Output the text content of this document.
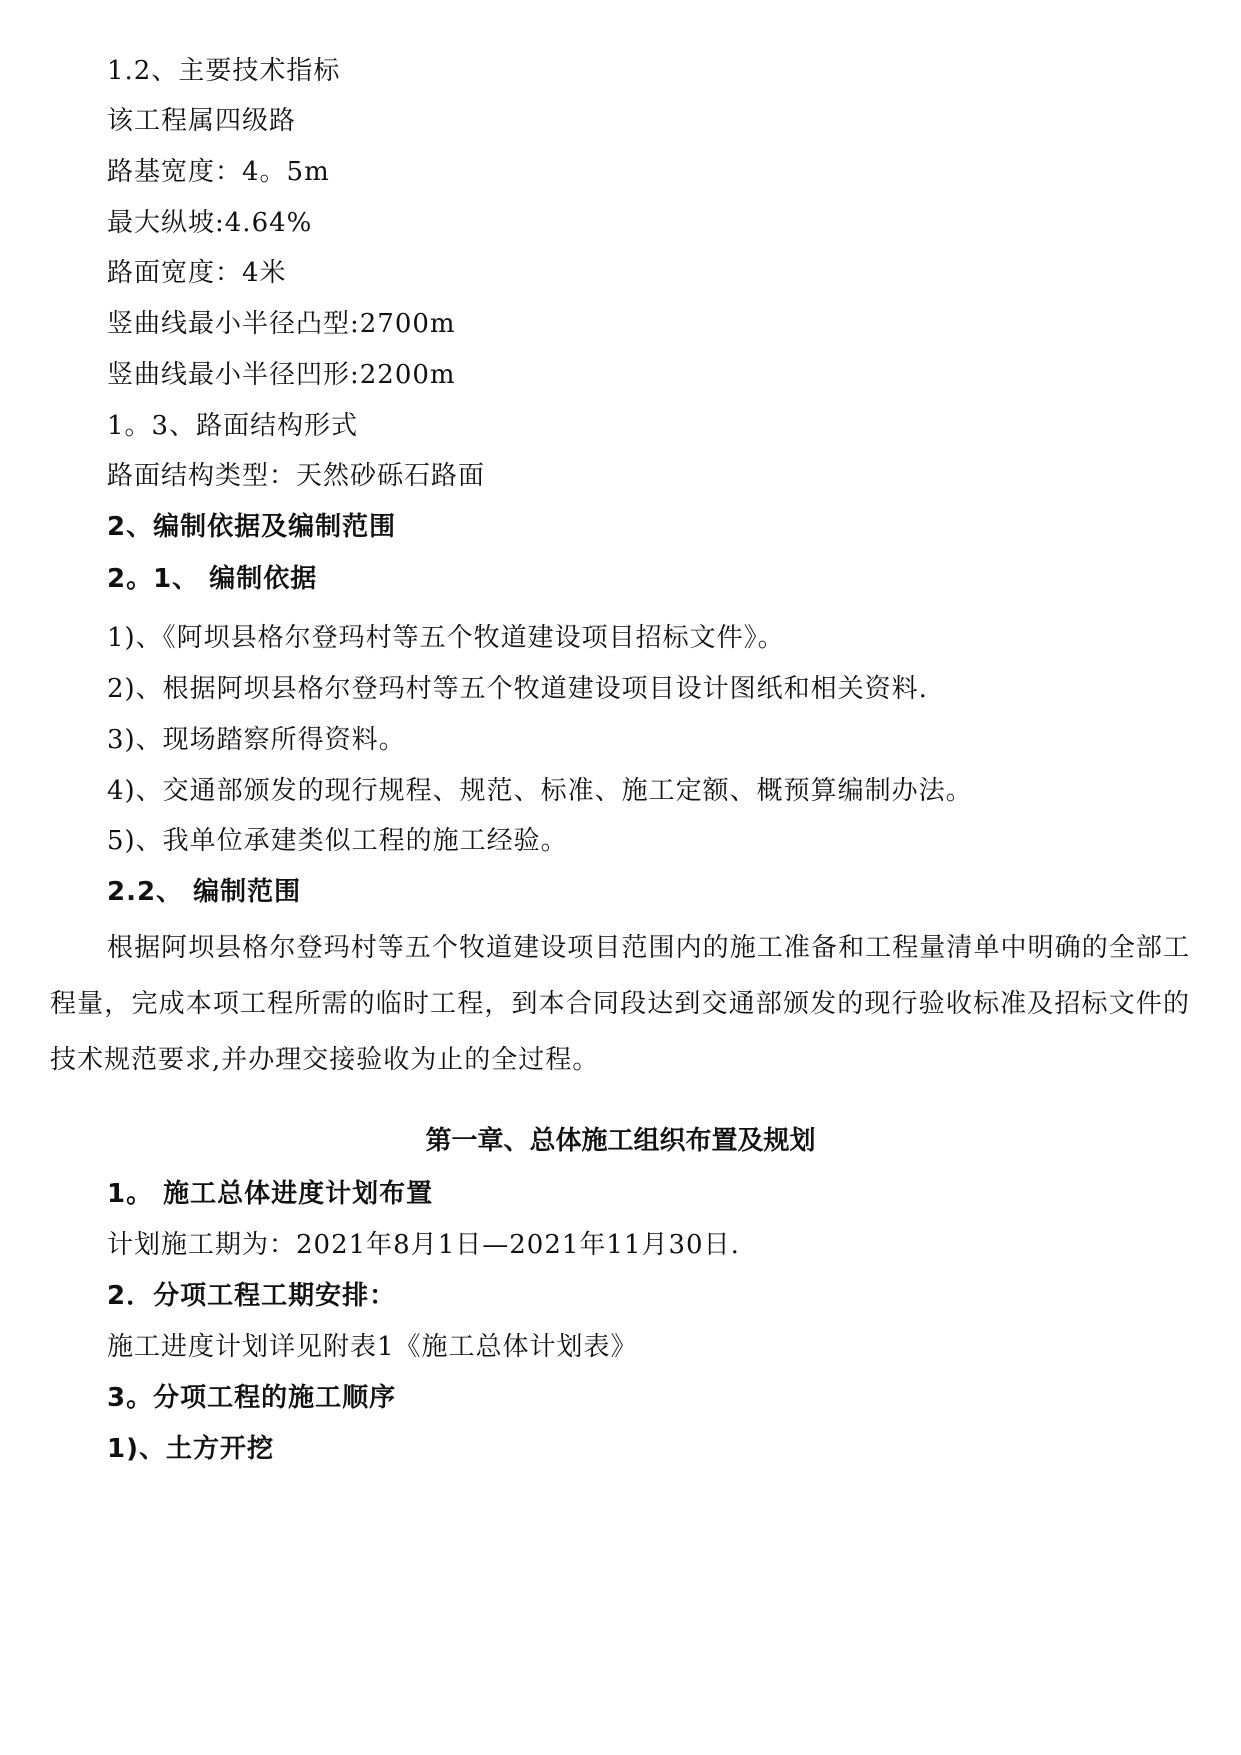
1.2、主要技术指标
该工程属四级路
路基宽度：4。5m
最大纵坡:4.64%
路面宽度：4米
竖曲线最小半径凸型:2700m
竖曲线最小半径凹形:2200m
1。3、路面结构形式
路面结构类型：天然砂砾石路面
2、编制依据及编制范围
2。1、 编制依据
1)、《阿坝县格尔登玛村等五个牧道建设项目招标文件》。
2)、根据阿坝县格尔登玛村等五个牧道建设项目设计图纸和相关资料.
3)、现场踏察所得资料。
4)、交通部颁发的现行规程、规范、标准、施工定额、概预算编制办法。
5)、我单位承建类似工程的施工经验。
2.2、 编制范围
根据阿坝县格尔登玛村等五个牧道建设项目范围内的施工准备和工程量清单中明确的全部工程量，完成本项工程所需的临时工程，到本合同段达到交通部颁发的现行验收标准及招标文件的技术规范要求,并办理交接验收为止的全过程。
第一章、总体施工组织布置及规划
1。 施工总体进度计划布置
计划施工期为：2021年8月1日—2021年11月30日.
2．分项工程工期安排：
施工进度计划详见附表1《施工总体计划表》
3。分项工程的施工顺序
1)、土方开挖
